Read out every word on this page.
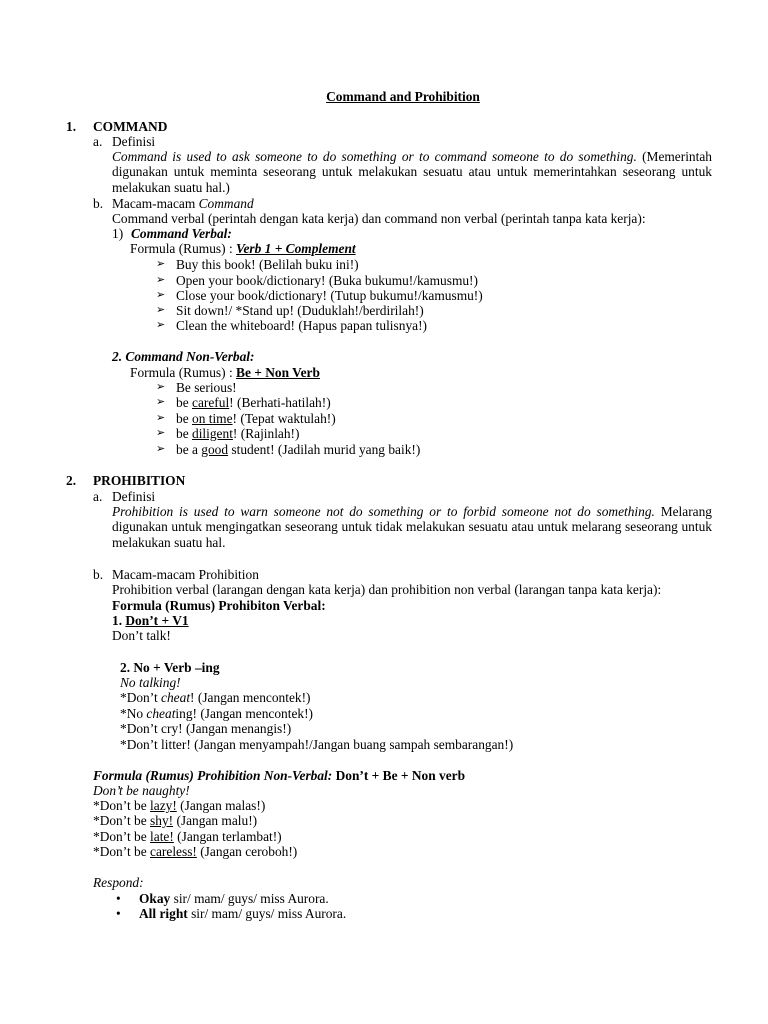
Command and Prohibition
1. COMMAND
a. Definisi
Command is used to ask someone to do something or to command someone to do something. (Memerintah digunakan untuk meminta seseorang untuk melakukan sesuatu atau untuk memerintahkan seseorang untuk melakukan suatu hal.)
b. Macam-macam Command
Command verbal (perintah dengan kata kerja) dan command non verbal (perintah tanpa kata kerja):
1) Command Verbal:
Formula (Rumus) : Verb 1 + Complement
➢ Buy this book! (Belilah buku ini!)
➢ Open your book/dictionary! (Buka bukumu!/kamusmu!)
➢ Close your book/dictionary! (Tutup bukumu!/kamusmu!)
➢ Sit down!/ *Stand up! (Duduklah!/berdirilah!)
➢ Clean the whiteboard! (Hapus papan tulisnya!)
2. Command Non-Verbal:
Formula (Rumus) : Be + Non Verb
➢ Be serious!
➢ be careful! (Berhati-hatilah!)
➢ be on time! (Tepat waktulah!)
➢ be diligent! (Rajinlah!)
➢ be a good student! (Jadilah murid yang baik!)
2. PROHIBITION
a. Definisi
Prohibition is used to warn someone not do something or to forbid someone not do something. Melarang digunakan untuk mengingatkan seseorang untuk tidak melakukan sesuatu atau untuk melarang seseorang untuk melakukan suatu hal.
b. Macam-macam Prohibition
Prohibition verbal (larangan dengan kata kerja) dan prohibition non verbal (larangan tanpa kata kerja):
Formula (Rumus) Prohibiton Verbal:
1. Don’t + V1
Don’t talk!
2. No + Verb –ing
No talking!
*Don’t cheat! (Jangan mencontek!)
*No cheating! (Jangan mencontek!)
*Don’t cry! (Jangan menangis!)
*Don’t litter! (Jangan menyampah!/Jangan buang sampah sembarangan!)
Formula (Rumus) Prohibition Non-Verbal: Don’t + Be + Non verb
Don’t be naughty!
*Don’t be lazy! (Jangan malas!)
*Don’t be shy! (Jangan malu!)
*Don’t be late! (Jangan terlambat!)
*Don’t be careless! (Jangan ceroboh!)
Respond:
• Okay sir/ mam/ guys/ miss Aurora.
• All right sir/ mam/ guys/ miss Aurora.
